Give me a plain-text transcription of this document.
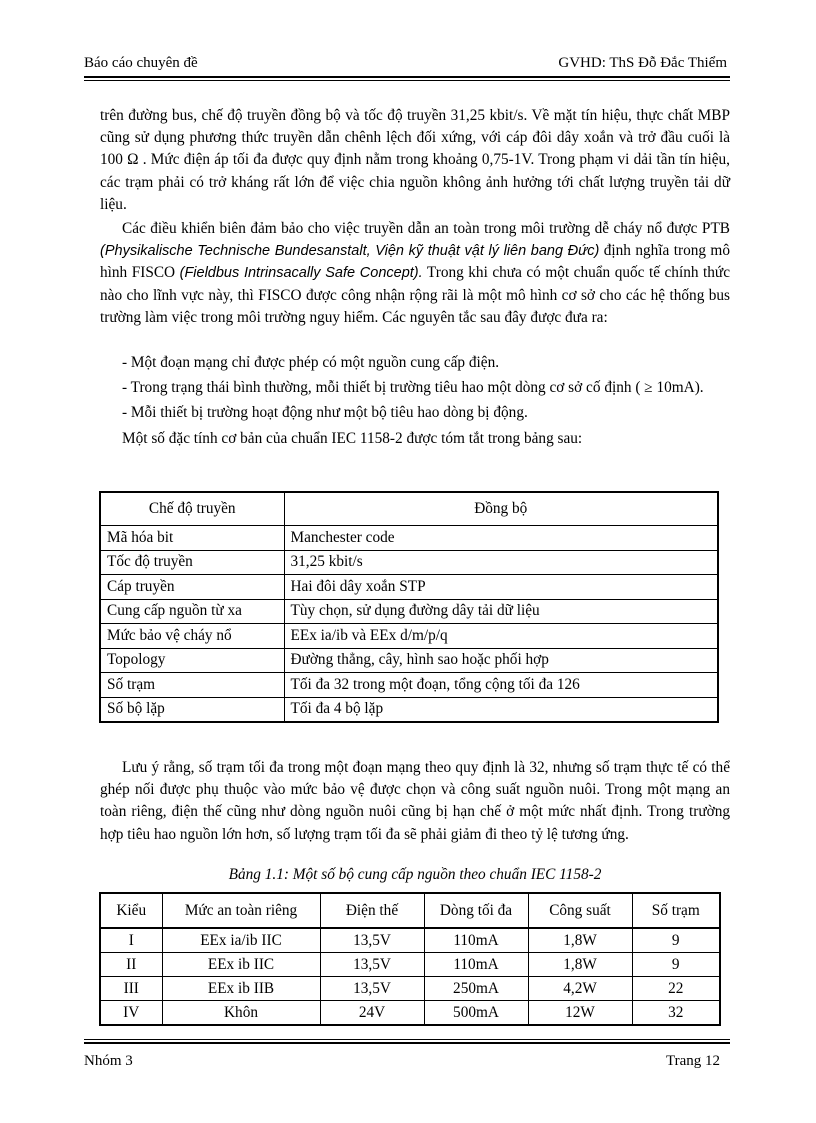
Báo cáo chuyên đề	GVHD: ThS Đỗ Đắc Thiểm

trên đường bus, chế độ truyền đồng bộ và tốc độ truyền 31,25 kbit/s. Về mặt tín hiệu, thực chất MBP cũng sử dụng phương thức truyền dẫn chênh lệch đối xứng, với cáp đôi dây xoắn và trở đầu cuối là 100 Ω . Mức điện áp tối đa được quy định nằm trong khoảng 0,75-1V. Trong phạm vi dải tần tín hiệu, các trạm phải có trở kháng rất lớn để việc chia nguồn không ảnh hưởng tới chất lượng truyền tải dữ liệu.

Các điều khiển biên đảm bảo cho việc truyền dẫn an toàn trong môi trường dễ cháy nổ được PTB (Physikalische Technische Bundesanstalt, Viện kỹ thuật vật lý liên bang Đức) định nghĩa trong mô hình FISCO (Fieldbus Intrinsacally Safe Concept). Trong khi chưa có một chuẩn quốc tế chính thức nào cho lĩnh vực này, thì FISCO được công nhận rộng rãi là một mô hình cơ sở cho các hệ thống bus trường làm việc trong môi trường nguy hiểm. Các nguyên tắc sau đây được đưa ra:

- Một đoạn mạng chỉ được phép có một nguồn cung cấp điện.

- Trong trạng thái bình thường, mỗi thiết bị trường tiêu hao một dòng cơ sở cố định ( ≥ 10mA).

- Mỗi thiết bị trường hoạt động như một bộ tiêu hao dòng bị động.

Một số đặc tính cơ bản của chuẩn IEC 1158-2 được tóm tắt trong bảng sau:

Chế độ truyền	Đồng bộ
Mã hóa bit	Manchester code
Tốc độ truyền	31,25 kbit/s
Cáp truyền	Hai đôi dây xoắn STP
Cung cấp nguồn từ xa	Tùy chọn, sử dụng đường dây tải dữ liệu
Mức bảo vệ cháy nổ	EEx ia/ib và EEx d/m/p/q
Topology	Đường thẳng, cây, hình sao hoặc phối hợp
Số trạm	Tối đa 32 trong một đoạn, tổng cộng tối đa 126
Số bộ lặp	Tối đa 4 bộ lặp

Lưu ý rằng, số trạm tối đa trong một đoạn mạng theo quy định là 32, nhưng số trạm thực tế có thể ghép nối được phụ thuộc vào mức bảo vệ được chọn và công suất nguồn nuôi. Trong một mạng an toàn riêng, điện thế cũng như dòng nguồn nuôi cũng bị hạn chế ở một mức nhất định. Trong trường hợp tiêu hao nguồn lớn hơn, số lượng trạm tối đa sẽ phải giảm đi theo tỷ lệ tương ứng.

Bảng 1.1: Một số bộ cung cấp nguồn theo chuẩn IEC 1158-2
Kiểu	Mức an toàn riêng	Điện thế	Dòng tối đa	Công suất	Số trạm
I	EEx ia/ib IIC	13,5V	110mA	1,8W	9
II	EEx ib IIC	13,5V	110mA	1,8W	9
III	EEx ib IIB	13,5V	250mA	4,2W	22
IV	Khôn	24V	500mA	12W	32
Nhóm 3	Trang 12
